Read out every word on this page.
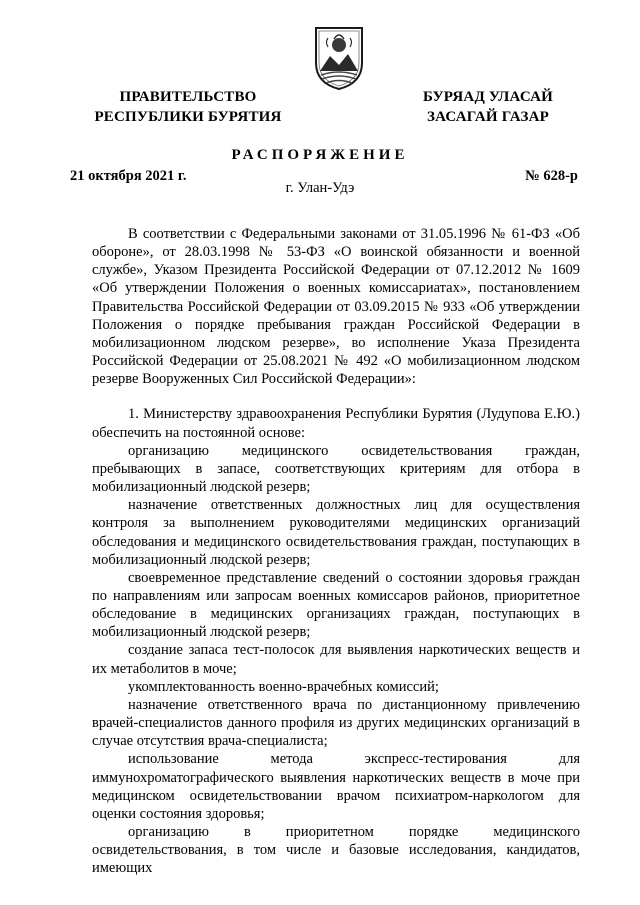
ПРАВИТЕЛЬСТВО
РЕСПУБЛИКИ БУРЯТИЯ
БУРЯАД УЛАСАЙ
ЗАСАГАЙ ГАЗАР
РАСПОРЯЖЕНИЕ
21 октября 2021 г.	№ 628-р
г. Улан-Удэ

В соответствии с Федеральными законами от 31.05.1996 № 61-ФЗ «Об обороне», от 28.03.1998 № 53-ФЗ «О воинской обязанности и военной службе», Указом Президента Российской Федерации от 07.12.2012 № 1609 «Об утверждении Положения о военных комиссариатах», постановлением Правительства Российской Федерации от 03.09.2015 № 933 «Об утверждении Положения о порядке пребывания граждан Российской Федерации в мобилизационном людском резерве», во исполнение Указа Президента Российской Федерации от 25.08.2021 № 492 «О мобилизационном людском резерве Вооруженных Сил Российской Федерации»:

1. Министерству здравоохранения Республики Бурятия (Лудупова Е.Ю.) обеспечить на постоянной основе:

организацию медицинского освидетельствования граждан, пребывающих в запасе, соответствующих критериям для отбора в мобилизационный людской резерв;

назначение ответственных должностных лиц для осуществления контроля за выполнением руководителями медицинских организаций обследования и медицинского освидетельствования граждан, поступающих в мобилизационный людской резерв;

своевременное представление сведений о состоянии здоровья граждан по направлениям или запросам военных комиссаров районов, приоритетное обследование в медицинских организациях граждан, поступающих в мобилизационный людской резерв;

создание запаса тест-полосок для выявления наркотических веществ и их метаболитов в моче;

укомплектованность военно-врачебных комиссий;

назначение ответственного врача по дистанционному привлечению врачей-специалистов данного профиля из других медицинских организаций в случае отсутствия врача-специалиста;

использование метода экспресс-тестирования для иммунохроматографического выявления наркотических веществ в моче при медицинском освидетельствовании врачом психиатром-наркологом для оценки состояния здоровья;

организацию в приоритетном порядке медицинского освидетельствования, в том числе и базовые исследования, кандидатов, имеющих
